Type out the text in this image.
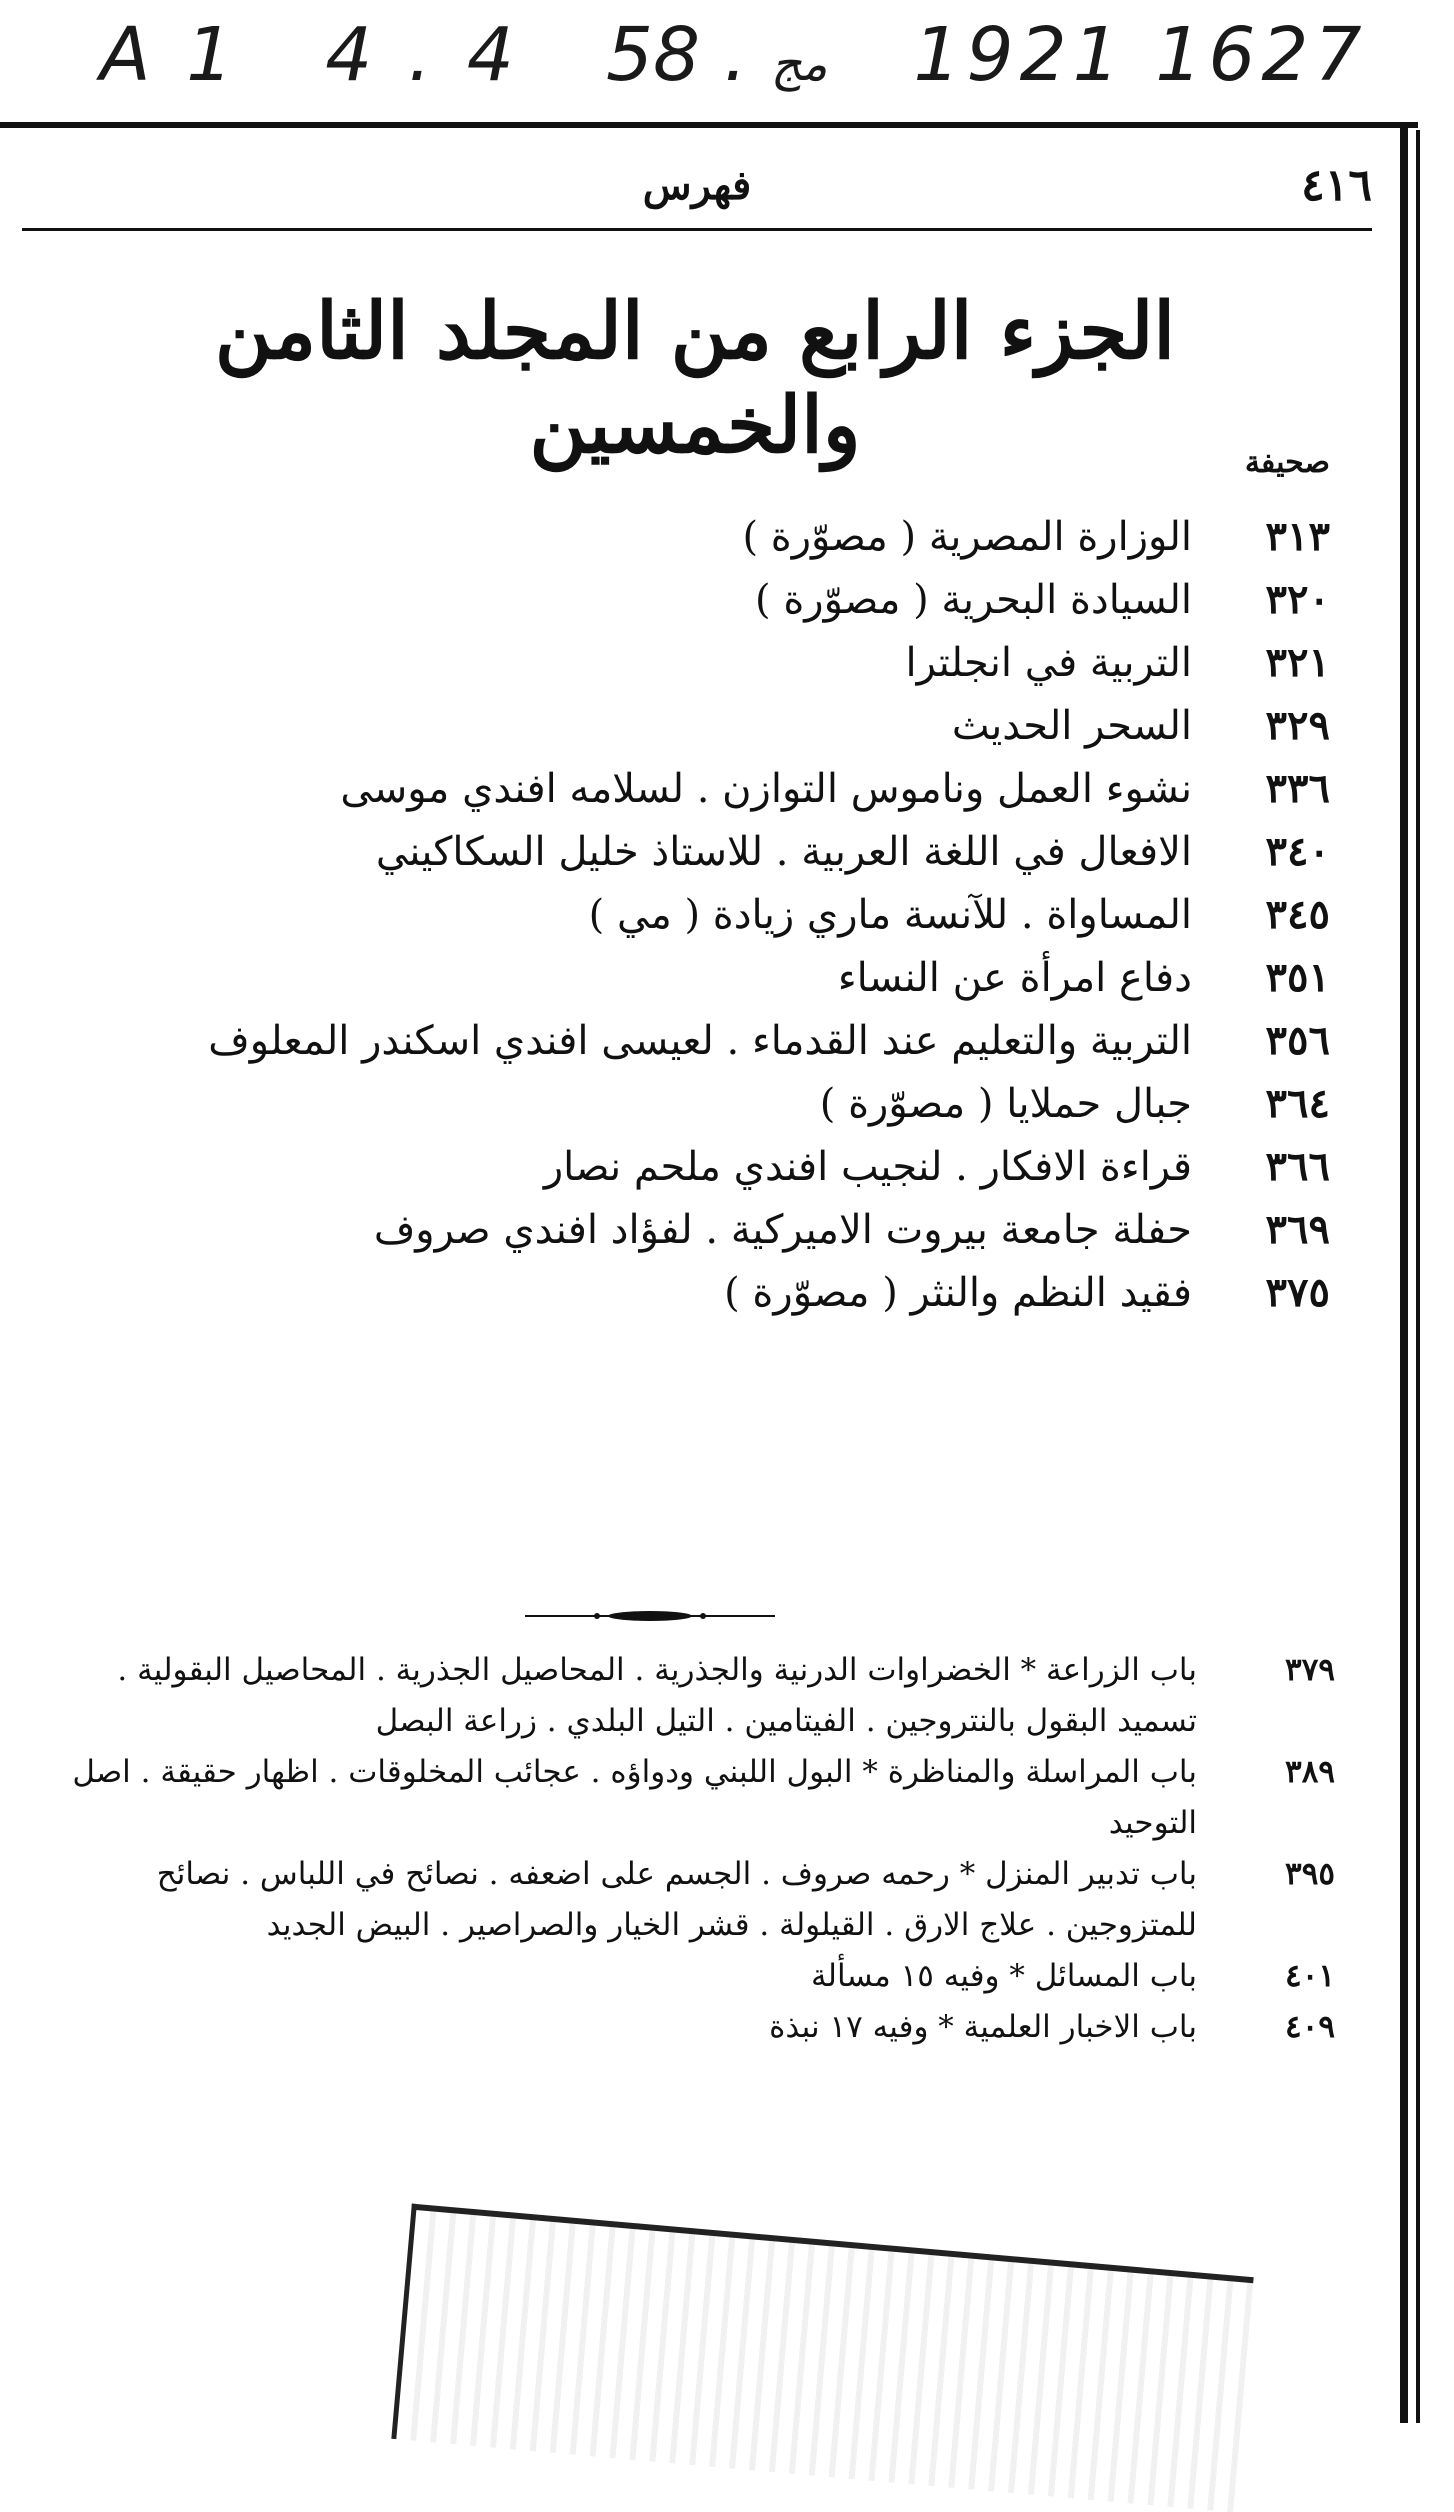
A 1 4 . 4 58 . مج 1921 1627
٤١٦
فهرس
الجزء الرابع من المجلد الثامن والخمسين	صحيفة
٣١٣
الوزارة المصرية ( مصوّرة )
٣٢٠
السيادة البحرية ( مصوّرة )
٣٢١
التربية في انجلترا
٣٢٩
السحر الحديث
٣٣٦
نشوء العمل وناموس التوازن . لسلامه افندي موسى
٣٤٠
الافعال في اللغة العربية . للاستاذ خليل السكاكيني
٣٤٥
المساواة . للآنسة ماري زيادة ( مي )
٣٥١
دفاع امرأة عن النساء
٣٥٦
التربية والتعليم عند القدماء . لعيسى افندي اسكندر المعلوف
٣٦٤
جبال حملايا ( مصوّرة )
٣٦٦
قراءة الافكار . لنجيب افندي ملحم نصار
٣٦٩
حفلة جامعة بيروت الاميركية . لفؤاد افندي صروف
٣٧٥
فقيد النظم والنثر ( مصوّرة )
٣٧٩
باب الزراعة * الخضراوات الدرنية والجذرية . المحاصيل الجذرية . المحاصيل البقولية . تسميد البقول بالنتروجين . الفيتامين . التيل البلدي . زراعة البصل
٣٨٩
باب المراسلة والمناظرة * البول اللبني ودواؤه . عجائب المخلوقات . اظهار حقيقة . اصل التوحيد
٣٩٥
باب تدبير المنزل * رحمه صروف . الجسم على اضعفه . نصائح في اللباس . نصائح للمتزوجين . علاج الارق . القيلولة . قشر الخيار والصراصير . البيض الجديد
٤٠١
باب المسائل * وفيه ١٥ مسألة
٤٠٩
باب الاخبار العلمية * وفيه ١٧ نبذة
